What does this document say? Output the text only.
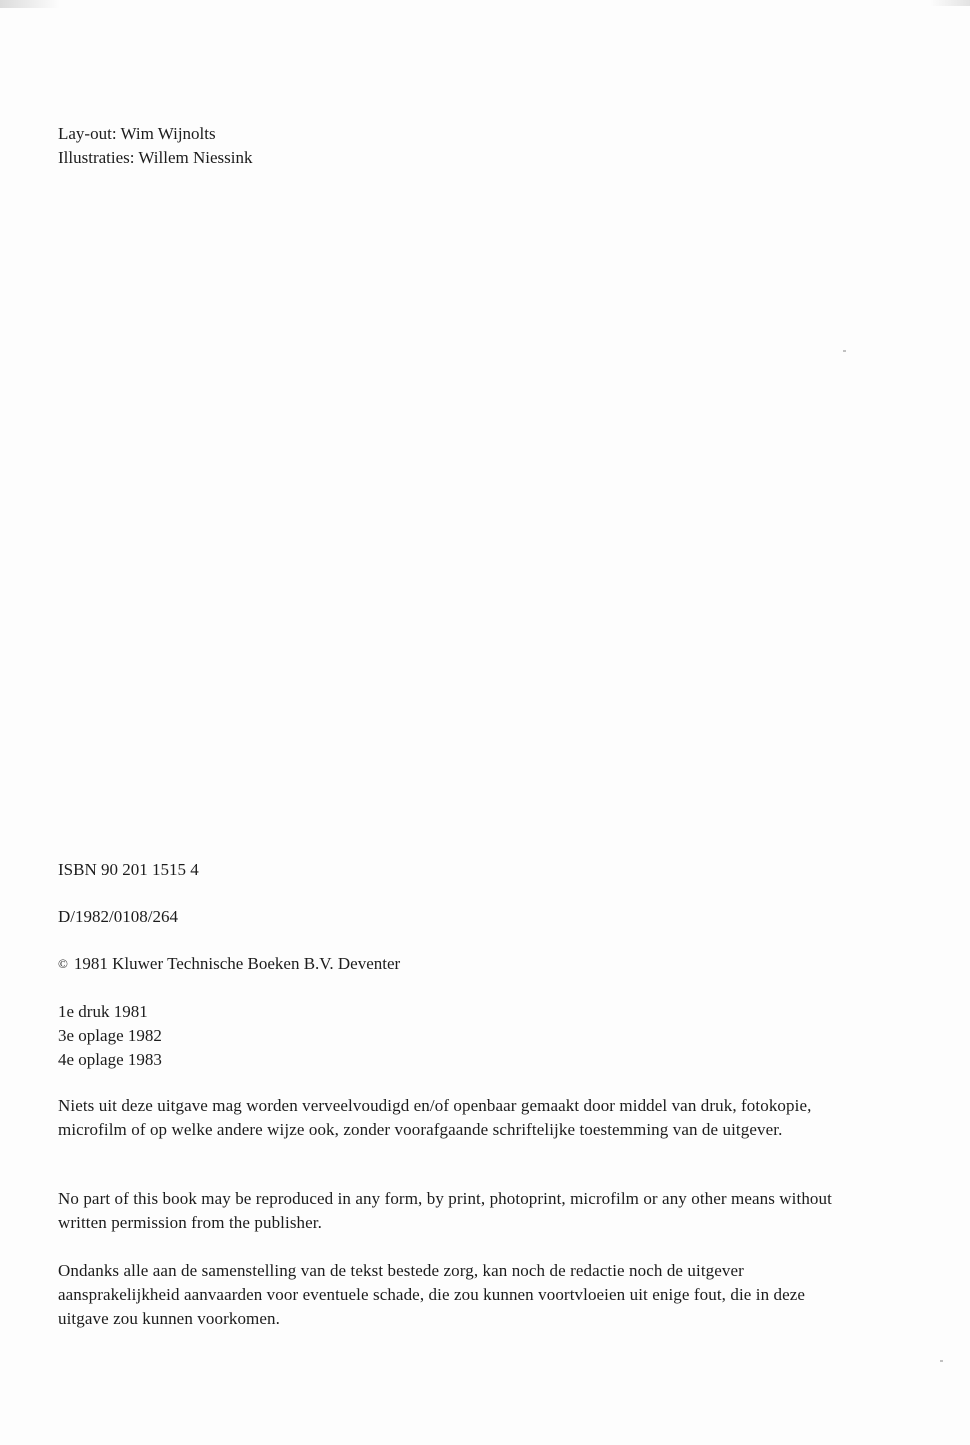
Lay-out: Wim Wijnolts
Illustraties: Willem Niessink
ISBN 90 201 1515 4
D/1982/0108/264
© 1981 Kluwer Technische Boeken B.V. Deventer
1e druk 1981
3e oplage 1982
4e oplage 1983
Niets uit deze uitgave mag worden verveelvoudigd en/of openbaar gemaakt door middel van druk, fotokopie, microfilm of op welke andere wijze ook, zonder voorafgaande schriftelijke toestemming van de uitgever.
No part of this book may be reproduced in any form, by print, photoprint, microfilm or any other means without written permission from the publisher.
Ondanks alle aan de samenstelling van de tekst bestede zorg, kan noch de redactie noch de uitgever aansprakelijkheid aanvaarden voor eventuele schade, die zou kunnen voortvloeien uit enige fout, die in deze uitgave zou kunnen voorkomen.
